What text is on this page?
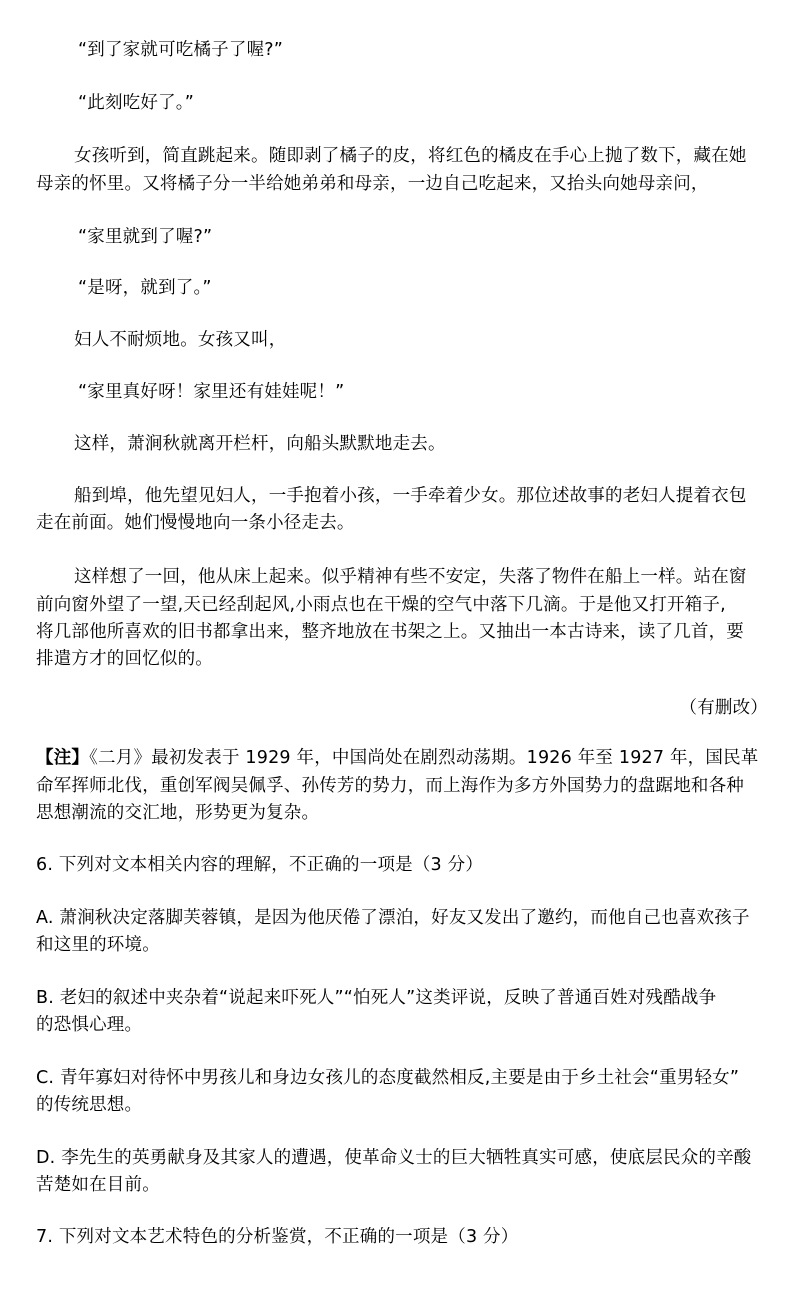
“到了家就可吃橘子了喔?”
“此刻吃好了。”
女孩听到，简直跳起来。随即剥了橘子的皮，将红色的橘皮在手心上抛了数下，藏在她
母亲的怀里。又将橘子分一半给她弟弟和母亲，一边自己吃起来，又抬头向她母亲问，
“家里就到了喔?”
“是呀，就到了。”
妇人不耐烦地。女孩又叫，
“家里真好呀！家里还有娃娃呢！”
这样，萧涧秋就离开栏杆，向船头默默地走去。
船到埠，他先望见妇人，一手抱着小孩，一手牵着少女。那位述故事的老妇人提着衣包
走在前面。她们慢慢地向一条小径走去。
这样想了一回，他从床上起来。似乎精神有些不安定，失落了物件在船上一样。站在窗
前向窗外望了一望,天已经刮起风,小雨点也在干燥的空气中落下几滴。于是他又打开箱子,
将几部他所喜欢的旧书都拿出来，整齐地放在书架之上。又抽出一本古诗来，读了几首，要
排遣方才的回忆似的。
（有删改）
【注】《二月》最初发表于 1929 年，中国尚处在剧烈动荡期。1926 年至 1927 年，国民革
命军挥师北伐，重创军阀吴佩孚、孙传芳的势力，而上海作为多方外国势力的盘踞地和各种
思想潮流的交汇地，形势更为复杂。
6. 下列对文本相关内容的理解，不正确的一项是（3 分）
A. 萧涧秋决定落脚芙蓉镇，是因为他厌倦了漂泊，好友又发出了邀约，而他自己也喜欢孩子
和这里的环境。
B. 老妇的叙述中夹杂着“说起来吓死人”“怕死人”这类评说，反映了普通百姓对残酷战争
的恐惧心理。
C. 青年寡妇对待怀中男孩儿和身边女孩儿的态度截然相反,主要是由于乡土社会“重男轻女”
的传统思想。
D. 李先生的英勇献身及其家人的遭遇，使革命义士的巨大牺牲真实可感，使底层民众的辛酸
苦楚如在目前。
7. 下列对文本艺术特色的分析鉴赏，不正确的一项是（3 分）
